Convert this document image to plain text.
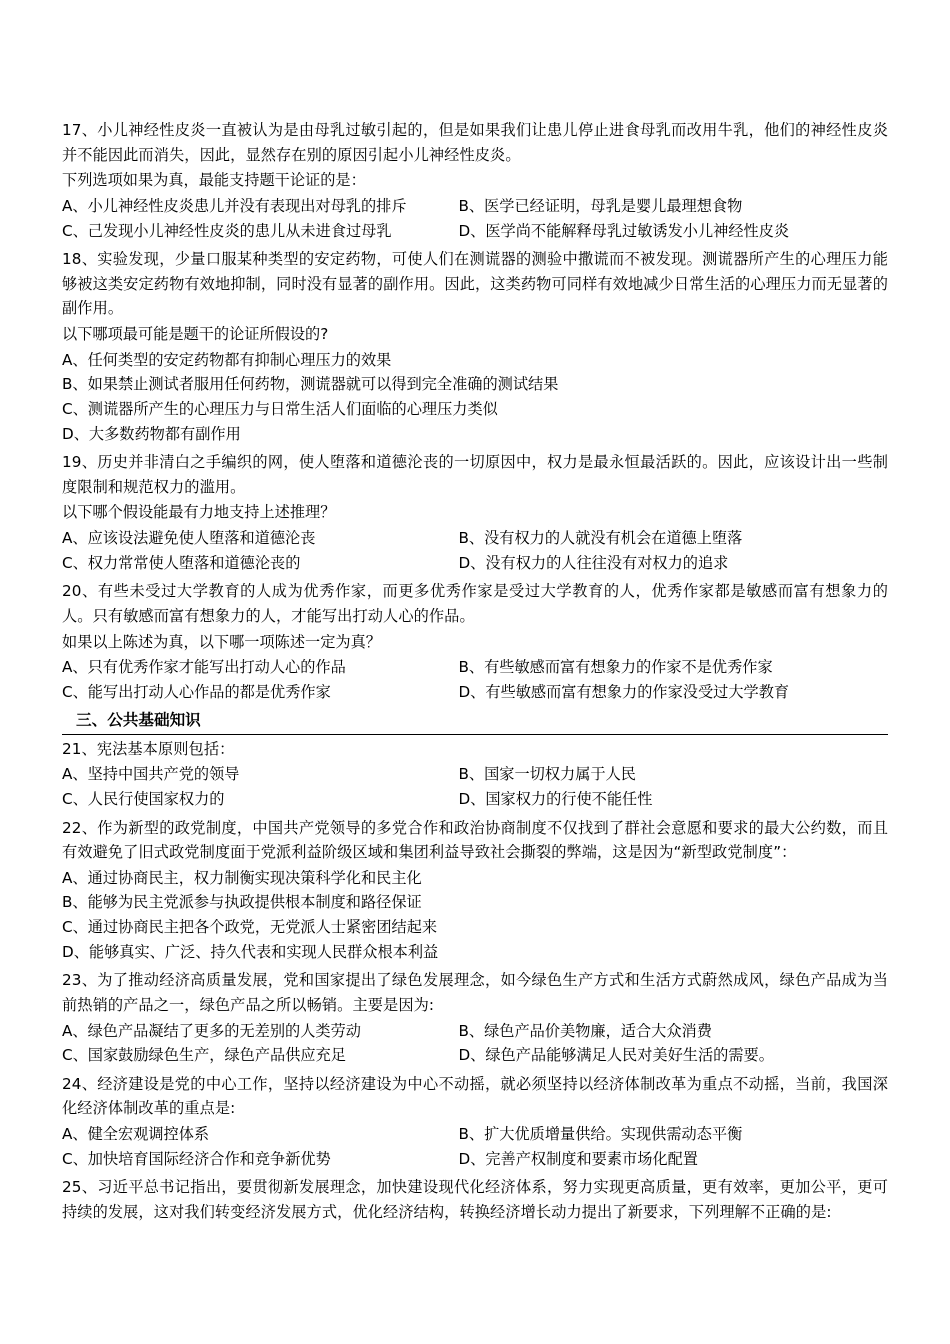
17、小儿神经性皮炎一直被认为是由母乳过敏引起的，但是如果我们让患儿停止进食母乳而改用牛乳，他们的神经性皮炎并不能因此而消失，因此，显然存在别的原因引起小儿神经性皮炎。
下列选项如果为真，最能支持题干论证的是：
A、小儿神经性皮炎患儿并没有表现出对母乳的排斥	B、医学已经证明，母乳是婴儿最理想食物
C、己发现小儿神经性皮炎的患儿从未进食过母乳	D、医学尚不能解释母乳过敏诱发小儿神经性皮炎
18、实验发现，少量口服某种类型的安定药物，可使人们在测谎器的测验中撒谎而不被发现。测谎器所产生的心理压力能够被这类安定药物有效地抑制，同时没有显著的副作用。因此，这类药物可同样有效地减少日常生活的心理压力而无显著的副作用。
以下哪项最可能是题干的论证所假设的?
A、任何类型的安定药物都有抑制心理压力的效果
B、如果禁止测试者服用任何药物，测谎器就可以得到完全准确的测试结果
C、测谎器所产生的心理压力与日常生活人们面临的心理压力类似
D、大多数药物都有副作用
19、历史并非清白之手编织的网，使人堕落和道德沦丧的一切原因中，权力是最永恒最活跃的。因此，应该设计出一些制度限制和规范权力的滥用。
以下哪个假设能最有力地支持上述推理？
A、应该设法避免使人堕落和道德沦丧	B、没有权力的人就没有机会在道德上堕落
C、权力常常使人堕落和道德沦丧的	D、没有权力的人往往没有对权力的追求
20、有些未受过大学教育的人成为优秀作家，而更多优秀作家是受过大学教育的人，优秀作家都是敏感而富有想象力的人。只有敏感而富有想象力的人，才能写出打动人心的作品。
如果以上陈述为真，以下哪一项陈述一定为真？
A、只有优秀作家才能写出打动人心的作品	B、有些敏感而富有想象力的作家不是优秀作家
C、能写出打动人心作品的都是优秀作家	D、有些敏感而富有想象力的作家没受过大学教育
三、公共基础知识
21、宪法基本原则包括：
A、坚持中国共产党的领导	B、国家一切权力属于人民
C、人民行使国家权力的	D、国家权力的行使不能任性
22、作为新型的政党制度，中国共产党领导的多党合作和政治协商制度不仅找到了群社会意愿和要求的最大公约数，而且有效避免了旧式政党制度面于党派利益阶级区域和集团利益导致社会撕裂的弊端，这是因为“新型政党制度”：
A、通过协商民主，权力制衡实现决策科学化和民主化
B、能够为民主党派参与执政提供根本制度和路径保证
C、通过协商民主把各个政党，无党派人士紧密团结起来
D、能够真实、广泛、持久代表和实现人民群众根本利益
23、为了推动经济高质量发展，党和国家提出了绿色发展理念，如今绿色生产方式和生活方式蔚然成风，绿色产品成为当前热销的产品之一，绿色产品之所以畅销。主要是因为:
A、绿色产品凝结了更多的无差别的人类劳动	B、绿色产品价美物廉，适合大众消费
C、国家鼓励绿色生产，绿色产品供应充足	D、绿色产品能够满足人民对美好生活的需要。
24、经济建设是党的中心工作，坚持以经济建设为中心不动摇，就必须坚持以经济体制改革为重点不动摇，当前，我国深化经济体制改革的重点是:
A、健全宏观调控体系	B、扩大优质增量供给。实现供需动态平衡
C、加快培育国际经济合作和竞争新优势	D、完善产权制度和要素市场化配置
25、习近平总书记指出，要贯彻新发展理念，加快建设现代化经济体系，努力实现更高质量，更有效率，更加公平，更可持续的发展，这对我们转变经济发展方式，优化经济结构，转换经济增长动力提出了新要求，下列理解不正确的是:
